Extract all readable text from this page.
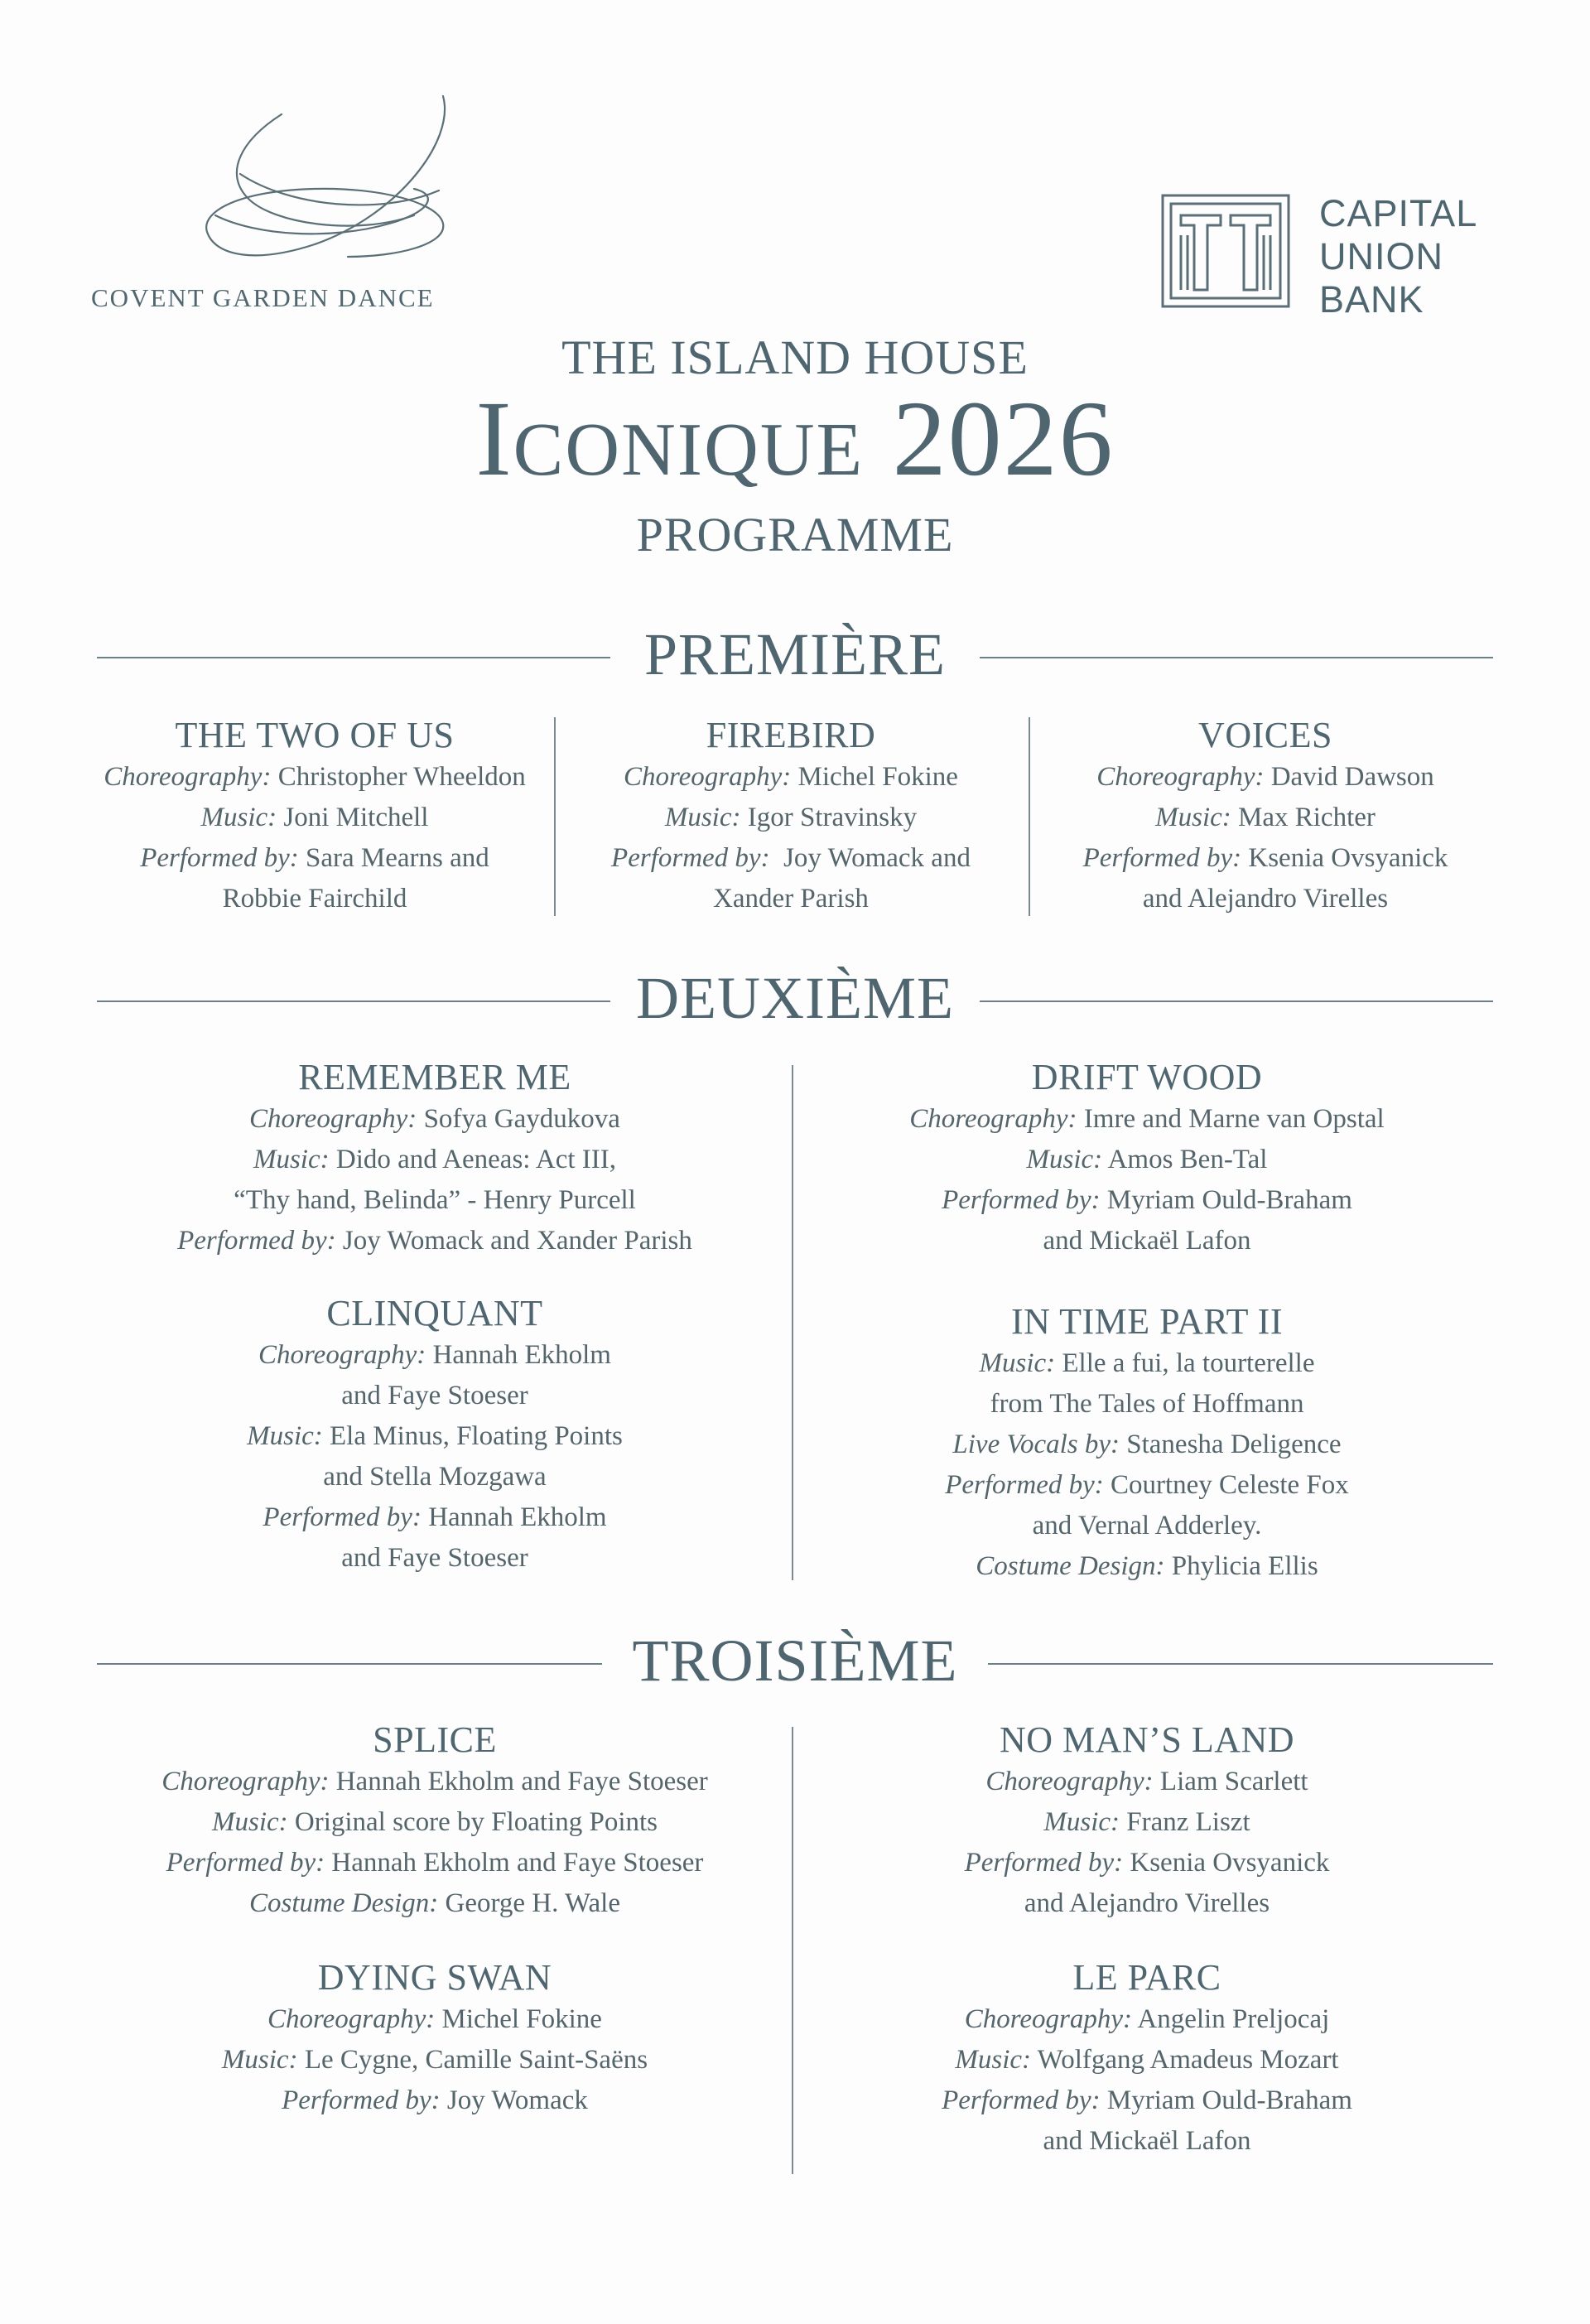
COVENT GARDEN DANCE
CAPITAL
UNION
BANK
THE ISLAND HOUSE
Iconique 2026
PROGRAMME
PREMIÈRE
THE TWO OF US
Choreography: Christopher Wheeldon
Music: Joni Mitchell
Performed by: Sara Mearns and
Robbie Fairchild
FIREBIRD
Choreography: Michel Fokine
Music: Igor Stravinsky
Performed by:  Joy Womack and
Xander Parish
VOICES
Choreography: David Dawson
Music: Max Richter
Performed by: Ksenia Ovsyanick
and Alejandro Virelles
DEUXIÈME
REMEMBER ME
Choreography: Sofya Gaydukova
Music: Dido and Aeneas: Act III,
“Thy hand, Belinda” - Henry Purcell
Performed by: Joy Womack and Xander Parish
DRIFT WOOD
Choreography: Imre and Marne van Opstal
Music: Amos Ben-Tal
Performed by: Myriam Ould-Braham
and Mickaël Lafon
CLINQUANT
Choreography: Hannah Ekholm
and Faye Stoeser
Music: Ela Minus, Floating Points
and Stella Mozgawa
Performed by: Hannah Ekholm
and Faye Stoeser
IN TIME PART II
Music: Elle a fui, la tourterelle
from The Tales of Hoffmann
Live Vocals by: Stanesha Deligence
Performed by: Courtney Celeste Fox
and Vernal Adderley.
Costume Design: Phylicia Ellis
TROISIÈME
SPLICE
Choreography: Hannah Ekholm and Faye Stoeser
Music: Original score by Floating Points
Performed by: Hannah Ekholm and Faye Stoeser
Costume Design: George H. Wale
NO MAN’S LAND
Choreography: Liam Scarlett
Music: Franz Liszt
Performed by: Ksenia Ovsyanick
and Alejandro Virelles
DYING SWAN
Choreography: Michel Fokine
Music: Le Cygne, Camille Saint-Saëns
Performed by: Joy Womack
LE PARC
Choreography: Angelin Preljocaj
Music: Wolfgang Amadeus Mozart
Performed by: Myriam Ould-Braham
and Mickaël Lafon
